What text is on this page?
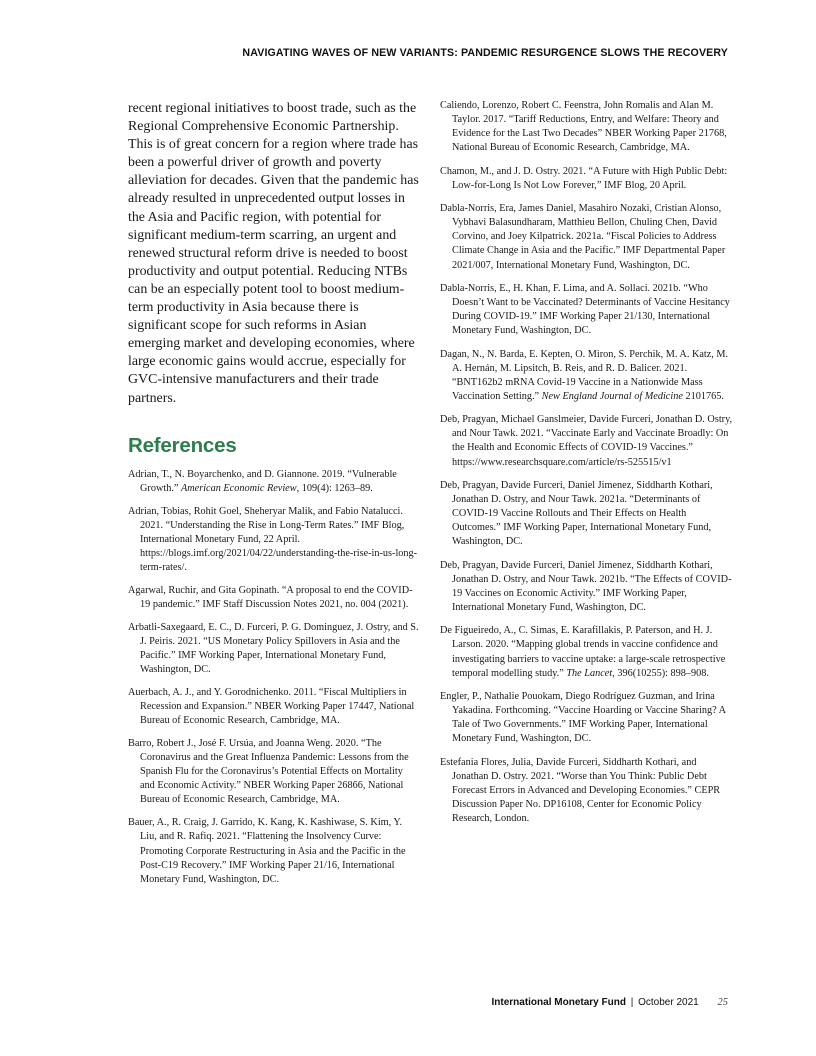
NAVIGATING WAVES OF NEW VARIANTS: PANDEMIC RESURGENCE SLOWS THE RECOVERY

recent regional initiatives to boost trade, such as the Regional Comprehensive Economic Partnership. This is of great concern for a region where trade has been a powerful driver of growth and poverty alleviation for decades. Given that the pandemic has already resulted in unprecedented output losses in the Asia and Pacific region, with potential for significant medium-term scarring, an urgent and renewed structural reform drive is needed to boost productivity and output potential. Reducing NTBs can be an especially potent tool to boost medium-term productivity in Asia because there is significant scope for such reforms in Asian emerging market and developing economies, where large economic gains would accrue, especially for GVC-intensive manufacturers and their trade partners.

References
Adrian, T., N. Boyarchenko, and D. Giannone. 2019. “Vulnerable Growth.” American Economic Review, 109(4): 1263–89.
Adrian, Tobias, Rohit Goel, Sheheryar Malik, and Fabio Natalucci. 2021. “Understanding the Rise in Long-Term Rates.” IMF Blog, International Monetary Fund, 22 April. https://blogs.imf.org/2021/04/22/understanding-the-rise-in-us-long-term-rates/.
Agarwal, Ruchir, and Gita Gopinath. “A proposal to end the COVID-19 pandemic.” IMF Staff Discussion Notes 2021, no. 004 (2021).
Arbatli-Saxegaard, E. C., D. Furceri, P. G. Dominguez, J. Ostry, and S. J. Peiris. 2021. “US Monetary Policy Spillovers in Asia and the Pacific.” IMF Working Paper, International Monetary Fund, Washington, DC.
Auerbach, A. J., and Y. Gorodnichenko. 2011. “Fiscal Multipliers in Recession and Expansion.” NBER Working Paper 17447, National Bureau of Economic Research, Cambridge, MA.
Barro, Robert J., José F. Ursúa, and Joanna Weng. 2020. “The Coronavirus and the Great Influenza Pandemic: Lessons from the Spanish Flu for the Coronavirus’s Potential Effects on Mortality and Economic Activity.” NBER Working Paper 26866, National Bureau of Economic Research, Cambridge, MA.
Bauer, A., R. Craig, J. Garrido, K. Kang, K. Kashiwase, S. Kim, Y. Liu, and R. Rafiq. 2021. “Flattening the Insolvency Curve: Promoting Corporate Restructuring in Asia and the Pacific in the Post-C19 Recovery.” IMF Working Paper 21/16, International Monetary Fund, Washington, DC.
Caliendo, Lorenzo, Robert C. Feenstra, John Romalis and Alan M. Taylor. 2017. “Tariff Reductions, Entry, and Welfare: Theory and Evidence for the Last Two Decades” NBER Working Paper 21768, National Bureau of Economic Research, Cambridge, MA.
Chamon, M., and J. D. Ostry. 2021. “A Future with High Public Debt: Low-for-Long Is Not Low Forever,” IMF Blog, 20 April.
Dabla-Norris, Era, James Daniel, Masahiro Nozaki, Cristian Alonso, Vybhavi Balasundharam, Matthieu Bellon, Chuling Chen, David Corvino, and Joey Kilpatrick. 2021a. “Fiscal Policies to Address Climate Change in Asia and the Pacific.” IMF Departmental Paper 2021/007, International Monetary Fund, Washington, DC.
Dabla-Norris, E., H. Khan, F. Lima, and A. Sollaci. 2021b. “Who Doesn’t Want to be Vaccinated? Determinants of Vaccine Hesitancy During COVID-19.” IMF Working Paper 21/130, International Monetary Fund, Washington, DC.
Dagan, N., N. Barda, E. Kepten, O. Miron, S. Perchik, M. A. Katz, M. A. Hernán, M. Lipsitch, B. Reis, and R. D. Balicer. 2021. “BNT162b2 mRNA Covid-19 Vaccine in a Nationwide Mass Vaccination Setting.” New England Journal of Medicine 2101765.
Deb, Pragyan, Michael Ganslmeier, Davide Furceri, Jonathan D. Ostry, and Nour Tawk. 2021. “Vaccinate Early and Vaccinate Broadly: On the Health and Economic Effects of COVID-19 Vaccines.” https://www.researchsquare.com/article/rs-525515/v1
Deb, Pragyan, Davide Furceri, Daniel Jimenez, Siddharth Kothari, Jonathan D. Ostry, and Nour Tawk. 2021a. “Determinants of COVID-19 Vaccine Rollouts and Their Effects on Health Outcomes.” IMF Working Paper, International Monetary Fund, Washington, DC.
Deb, Pragyan, Davide Furceri, Daniel Jimenez, Siddharth Kothari, Jonathan D. Ostry, and Nour Tawk. 2021b. “The Effects of COVID-19 Vaccines on Economic Activity.” IMF Working Paper, International Monetary Fund, Washington, DC.
De Figueiredo, A., C. Simas, E. Karafillakis, P. Paterson, and H. J. Larson. 2020. “Mapping global trends in vaccine confidence and investigating barriers to vaccine uptake: a large-scale retrospective temporal modelling study.” The Lancet, 396(10255): 898–908.
Engler, P., Nathalie Pouokam, Diego Rodríguez Guzman, and Irina Yakadina. Forthcoming. “Vaccine Hoarding or Vaccine Sharing? A Tale of Two Governments.” IMF Working Paper, International Monetary Fund, Washington, DC.
Estefania Flores, Julia, Davide Furceri, Siddharth Kothari, and Jonathan D. Ostry. 2021. “Worse than You Think: Public Debt Forecast Errors in Advanced and Developing Economies.” CEPR Discussion Paper No. DP16108, Center for Economic Policy Research, London.
International Monetary Fund | October 2021 25
